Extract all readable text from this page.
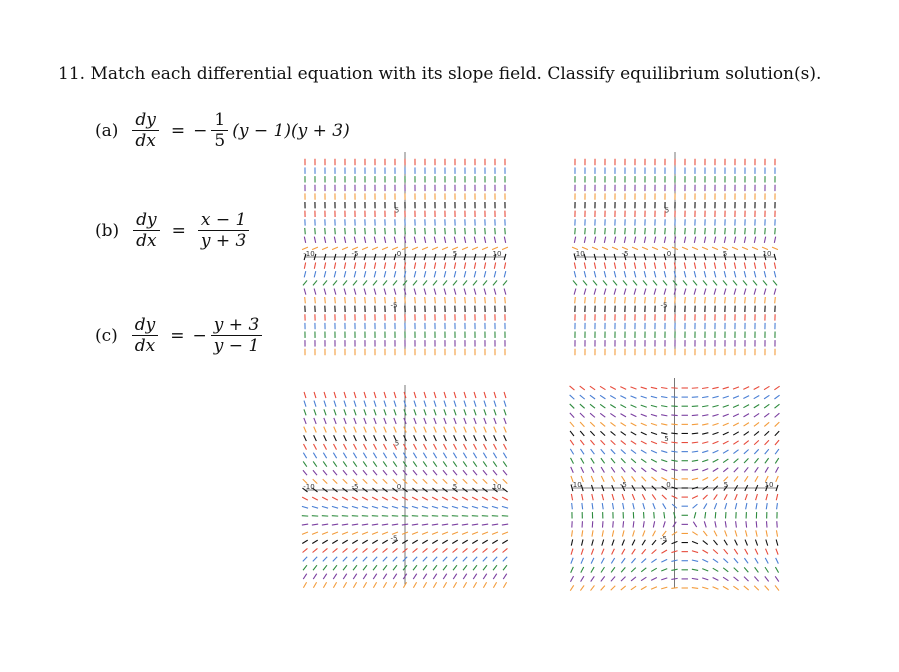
11. Match each differential equation with its slope field. Classify equilibrium solution(s).
$(a) \frac{dy}{dx}$ = − $\frac{1}{5} (y - 1)(y + 3)$
$(b) \frac{dy}{dx} = \frac{x - 1}{y + 3}$
$(c) \frac{dy}{dx}$ = − $\frac{y + 3}{y - 1}$
-10	-5	0	5	10
5
-5
-10	-5	0	5	10
5
-5
-10	-5	0	5	10
5
-5
-10	-5	0	5	10
5
-5
